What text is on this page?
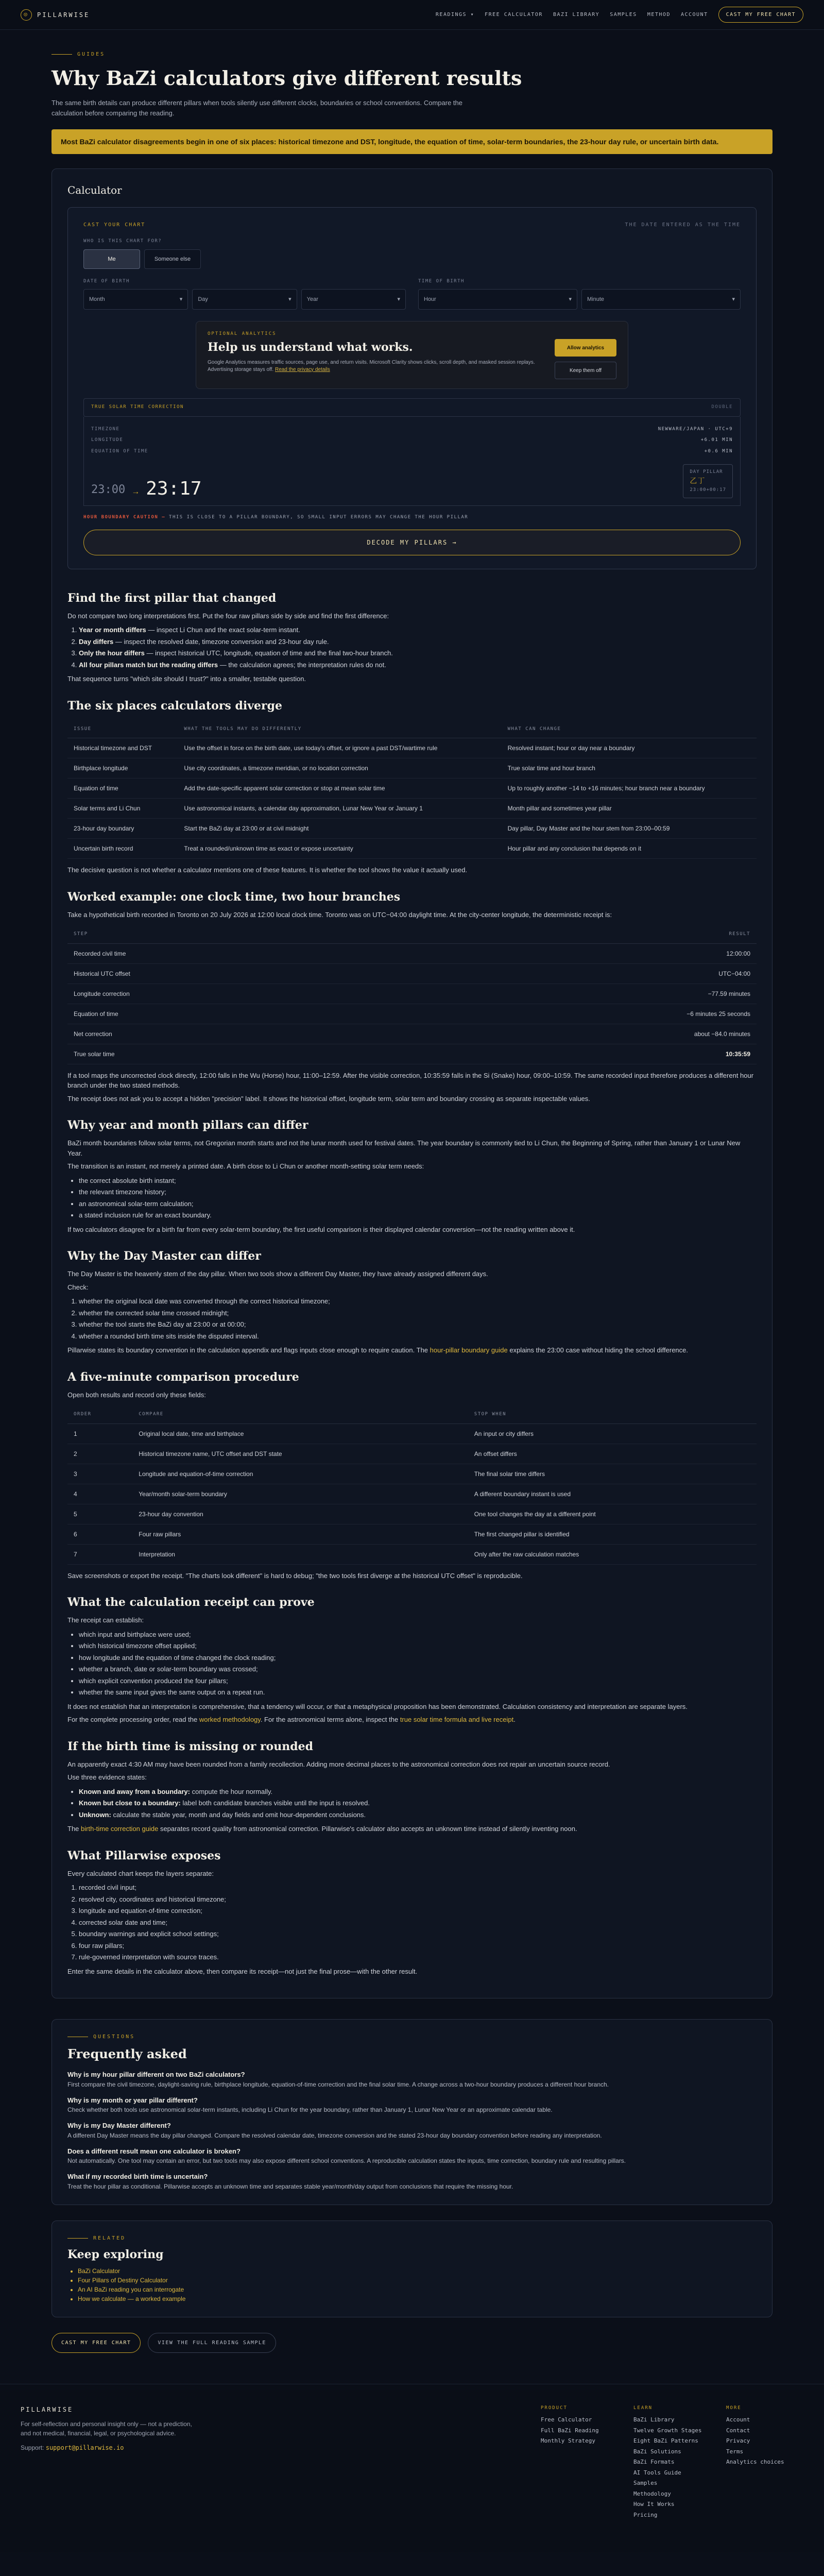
◎	PILLARWISE	READINGS ▾ FREE CALCULATOR BAZI LIBRARY SAMPLES METHOD ACCOUNT	CAST MY FREE CHART
GUIDES
Why BaZi calculators give different results

The same birth details can produce different pillars when tools silently use different clocks, boundaries or school conventions. Compare the calculation before comparing the reading.

Most BaZi calculator disagreements begin in one of six places: historical timezone and DST, longitude, the equation of time, solar-term boundaries, the 23-hour day rule, or uncertain birth data.
Calculator
CAST YOUR CHART	THE DATE ENTERED AS THE TIME
WHO IS THIS CHART FOR?
Me	Someone else
DATE OF BIRTH
Month	▾	Day	▾	Year	▾
TIME OF BIRTH
Hour	▾	Minute	▾
OPTIONAL ANALYTICS
Help us understand what works.

Google Analytics measures traffic sources, page use, and return visits. Microsoft Clarity shows clicks, scroll depth, and masked session replays. Advertising storage stays off. Read the privacy details

Allow analytics
Keep them off
TRUE SOLAR TIME CORRECTION	DOUBLE
TIMEZONE	NEWWARE/JAPAN · UTC+9
LONGITUDE	+6.01 MIN
EQUATION OF TIME	+0.6 MIN
23:00 → 23:17
DAY PILLAR
乙丁
23:00+00:17
HOUR BOUNDARY CAUTION — THIS IS CLOSE TO A PILLAR BOUNDARY, SO SMALL INPUT ERRORS MAY CHANGE THE HOUR PILLAR
DECODE MY PILLARS →
Find the first pillar that changed

Do not compare two long interpretations first. Put the four raw pillars side by side and find the first difference:

1. Year or month differs — inspect Li Chun and the exact solar-term instant.
2. Day differs — inspect the resolved date, timezone conversion and 23-hour day rule.
3. Only the hour differs — inspect historical UTC, longitude, equation of time and the final two-hour branch.
4. All four pillars match but the reading differs — the calculation agrees; the interpretation rules do not.

That sequence turns "which site should I trust?" into a smaller, testable question.

The six places calculators diverge
ISSUE	WHAT THE TOOLS MAY DO DIFFERENTLY	WHAT CAN CHANGE
Historical timezone and DST	Use the offset in force on the birth date, use today's offset, or ignore a past DST/wartime rule	Resolved instant; hour or day near a boundary
Birthplace longitude	Use city coordinates, a timezone meridian, or no location correction	True solar time and hour branch
Equation of time	Add the date-specific apparent solar correction or stop at mean solar time	Up to roughly another −14 to +16 minutes; hour branch near a boundary
Solar terms and Li Chun	Use astronomical instants, a calendar day approximation, Lunar New Year or January 1	Month pillar and sometimes year pillar
23-hour day boundary	Start the BaZi day at 23:00 or at civil midnight	Day pillar, Day Master and the hour stem from 23:00–00:59
Uncertain birth record	Treat a rounded/unknown time as exact or expose uncertainty	Hour pillar and any conclusion that depends on it

The decisive question is not whether a calculator mentions one of these features. It is whether the tool shows the value it actually used.

Worked example: one clock time, two hour branches

Take a hypothetical birth recorded in Toronto on 20 July 2026 at 12:00 local clock time. Toronto was on UTC−04:00 daylight time. At the city-center longitude, the deterministic receipt is:

STEP	RESULT
Recorded civil time	12:00:00
Historical UTC offset	UTC−04:00
Longitude correction	−77.59 minutes
Equation of time	−6 minutes 25 seconds
Net correction	about −84.0 minutes
True solar time	10:35:59

If a tool maps the uncorrected clock directly, 12:00 falls in the Wu (Horse) hour, 11:00–12:59. After the visible correction, 10:35:59 falls in the Si (Snake) hour, 09:00–10:59. The same recorded input therefore produces a different hour branch under the two stated methods.

The receipt does not ask you to accept a hidden "precision" label. It shows the historical offset, longitude term, solar term and boundary crossing as separate inspectable values.

Why year and month pillars can differ

BaZi month boundaries follow solar terms, not Gregorian month starts and not the lunar month used for festival dates. The year boundary is commonly tied to Li Chun, the Beginning of Spring, rather than January 1 or Lunar New Year.

The transition is an instant, not merely a printed date. A birth close to Li Chun or another month-setting solar term needs:

• the correct absolute birth instant;
• the relevant timezone history;
• an astronomical solar-term calculation;
• a stated inclusion rule for an exact boundary.

If two calculators disagree for a birth far from every solar-term boundary, the first useful comparison is their displayed calendar conversion—not the reading written above it.

Why the Day Master can differ

The Day Master is the heavenly stem of the day pillar. When two tools show a different Day Master, they have already assigned different days.

Check:

1. whether the original local date was converted through the correct historical timezone;
2. whether the corrected solar time crossed midnight;
3. whether the tool starts the BaZi day at 23:00 or at 00:00;
4. whether a rounded birth time sits inside the disputed interval.

Pillarwise states its boundary convention in the calculation appendix and flags inputs close enough to require caution. The hour-pillar boundary guide explains the 23:00 case without hiding the school difference.

A five-minute comparison procedure

Open both results and record only these fields:

ORDER	COMPARE	STOP WHEN
1	Original local date, time and birthplace	An input or city differs
2	Historical timezone name, UTC offset and DST state	An offset differs
3	Longitude and equation-of-time correction	The final solar time differs
4	Year/month solar-term boundary	A different boundary instant is used
5	23-hour day convention	One tool changes the day at a different point
6	Four raw pillars	The first changed pillar is identified
7	Interpretation	Only after the raw calculation matches

Save screenshots or export the receipt. "The charts look different" is hard to debug; "the two tools first diverge at the historical UTC offset" is reproducible.

What the calculation receipt can prove

The receipt can establish:

• which input and birthplace were used;
• which historical timezone offset applied;
• how longitude and the equation of time changed the clock reading;
• whether a branch, date or solar-term boundary was crossed;
• which explicit convention produced the four pillars;
• whether the same input gives the same output on a repeat run.

It does not establish that an interpretation is comprehensive, that a tendency will occur, or that a metaphysical proposition has been demonstrated. Calculation consistency and interpretation are separate layers.

For the complete processing order, read the worked methodology. For the astronomical terms alone, inspect the true solar time formula and live receipt.

If the birth time is missing or rounded

An apparently exact 4:30 AM may have been rounded from a family recollection. Adding more decimal places to the astronomical correction does not repair an uncertain source record.

Use three evidence states:

• Known and away from a boundary: compute the hour normally.
• Known but close to a boundary: label both candidate branches visible until the input is resolved.
• Unknown: calculate the stable year, month and day fields and omit hour-dependent conclusions.

The birth-time correction guide separates record quality from astronomical correction. Pillarwise's calculator also accepts an unknown time instead of silently inventing noon.

What Pillarwise exposes

Every calculated chart keeps the layers separate:

1. recorded civil input;
2. resolved city, coordinates and historical timezone;
3. longitude and equation-of-time correction;
4. corrected solar date and time;
5. boundary warnings and explicit school settings;
6. four raw pillars;
7. rule-governed interpretation with source traces.

Enter the same details in the calculator above, then compare its receipt—not just the final prose—with the other result.

QUESTIONS
Frequently asked
Why is my hour pillar different on two BaZi calculators?
First compare the civil timezone, daylight-saving rule, birthplace longitude, equation-of-time correction and the final solar time. A change across a two-hour boundary produces a different hour branch.
Why is my month or year pillar different?
Check whether both tools use astronomical solar-term instants, including Li Chun for the year boundary, rather than January 1, Lunar New Year or an approximate calendar table.
Why is my Day Master different?
A different Day Master means the day pillar changed. Compare the resolved calendar date, timezone conversion and the stated 23-hour day boundary convention before reading any interpretation.
Does a different result mean one calculator is broken?
Not automatically. One tool may contain an error, but two tools may also expose different school conventions. A reproducible calculation states the inputs, time correction, boundary rule and resulting pillars.
What if my recorded birth time is uncertain?
Treat the hour pillar as conditional. Pillarwise accepts an unknown time and separates stable year/month/day output from conclusions that require the missing hour.
RELATED
Keep exploring
• BaZi Calculator
• Four Pillars of Destiny Calculator
• An AI BaZi reading you can interrogate
• How we calculate — a worked example
CAST MY FREE CHART	VIEW THE FULL READING SAMPLE
PILLARWISE

For self-reflection and personal insight only — not a prediction, and not medical, financial, legal, or psychological advice.

Support: support@pillarwise.io

PRODUCT
Free Calculator
Full BaZi Reading
Monthly Strategy
LEARN
BaZi Library
Twelve Growth Stages
Eight BaZi Patterns
BaZi Solutions
BaZi Formats
AI Tools Guide
Samples
Methodology
How It Works
Pricing
MORE
Account
Contact
Privacy
Terms
Analytics choices
